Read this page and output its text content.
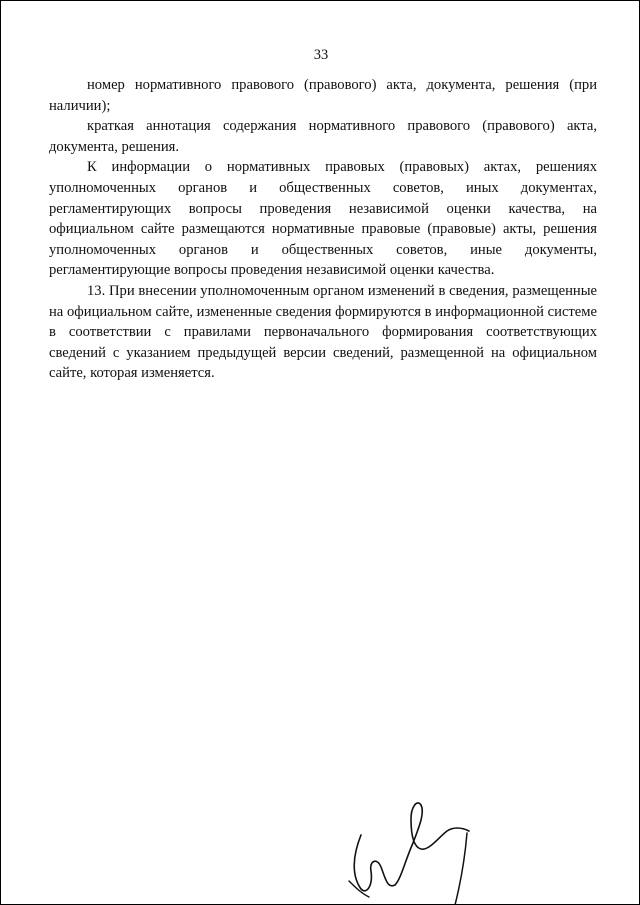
33

номер нормативного правового (правового) акта, документа, решения (при наличии);

краткая аннотация содержания нормативного правового (правового) акта, документа, решения.

К информации о нормативных правовых (правовых) актах, решениях уполномоченных органов и общественных советов, иных документах, регламентирующих вопросы проведения независимой оценки качества, на официальном сайте размещаются нормативные правовые (правовые) акты, решения уполномоченных органов и общественных советов, иные документы, регламентирующие вопросы проведения независимой оценки качества.

13. При внесении уполномоченным органом изменений в сведения, размещенные на официальном сайте, измененные сведения формируются в информационной системе в соответствии с правилами первоначального формирования соответствующих сведений с указанием предыдущей версии сведений, размещенной на официальном сайте, которая изменяется.
